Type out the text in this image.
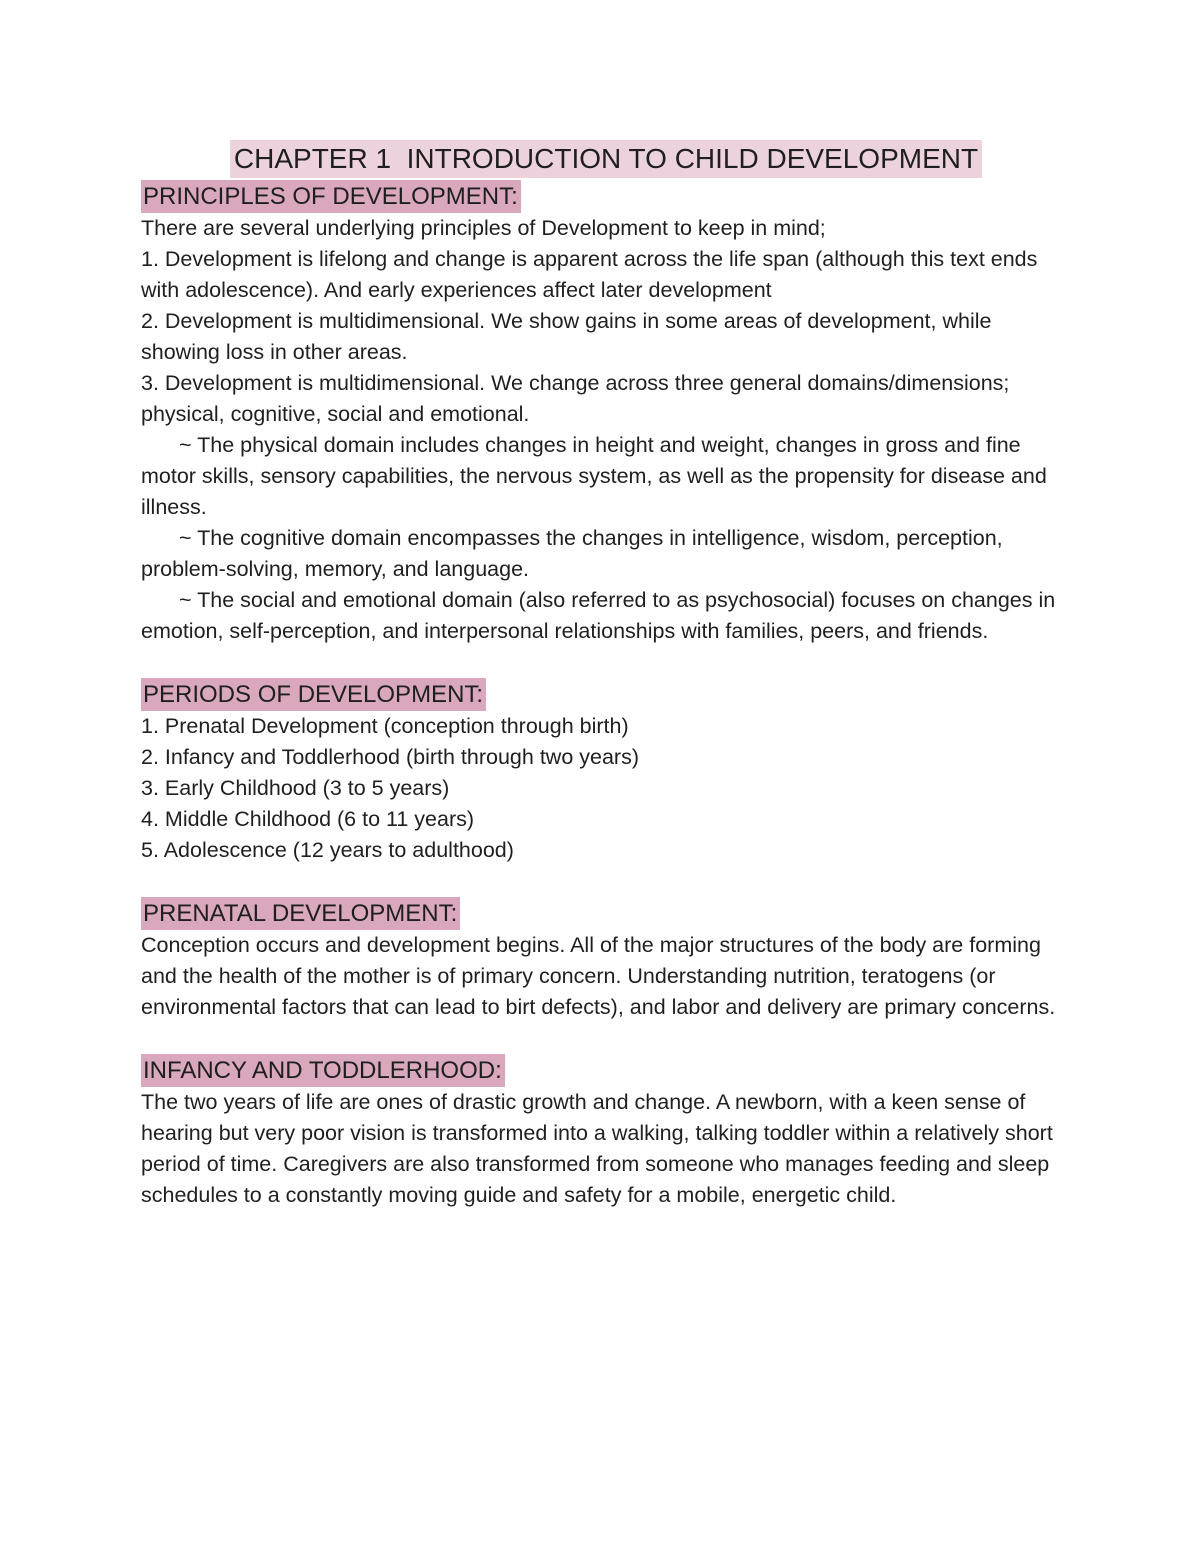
CHAPTER 1  INTRODUCTION TO CHILD DEVELOPMENT
PRINCIPLES OF DEVELOPMENT:

There are several underlying principles of Development to keep in mind;

1. Development is lifelong and change is apparent across the life span (although this text ends with adolescence). And early experiences affect later development

2. Development is multidimensional. We show gains in some areas of development, while showing loss in other areas.

3. Development is multidimensional. We change across three general domains/dimensions; physical, cognitive, social and emotional.

~ The physical domain includes changes in height and weight, changes in gross and fine motor skills, sensory capabilities, the nervous system, as well as the propensity for disease and illness.

~ The cognitive domain encompasses the changes in intelligence, wisdom, perception, problem-solving, memory, and language.

~ The social and emotional domain (also referred to as psychosocial) focuses on changes in emotion, self-perception, and interpersonal relationships with families, peers, and friends.

PERIODS OF DEVELOPMENT:

1. Prenatal Development (conception through birth)

2. Infancy and Toddlerhood (birth through two years)

3. Early Childhood (3 to 5 years)

4. Middle Childhood (6 to 11 years)

5. Adolescence (12 years to adulthood)

PRENATAL DEVELOPMENT:

Conception occurs and development begins. All of the major structures of the body are forming and the health of the mother is of primary concern. Understanding nutrition, teratogens (or environmental factors that can lead to birt defects), and labor and delivery are primary concerns.

INFANCY AND TODDLERHOOD:

The two years of life are ones of drastic growth and change. A newborn, with a keen sense of hearing but very poor vision is transformed into a walking, talking toddler within a relatively short period of time. Caregivers are also transformed from someone who manages feeding and sleep schedules to a constantly moving guide and safety for a mobile, energetic child.
